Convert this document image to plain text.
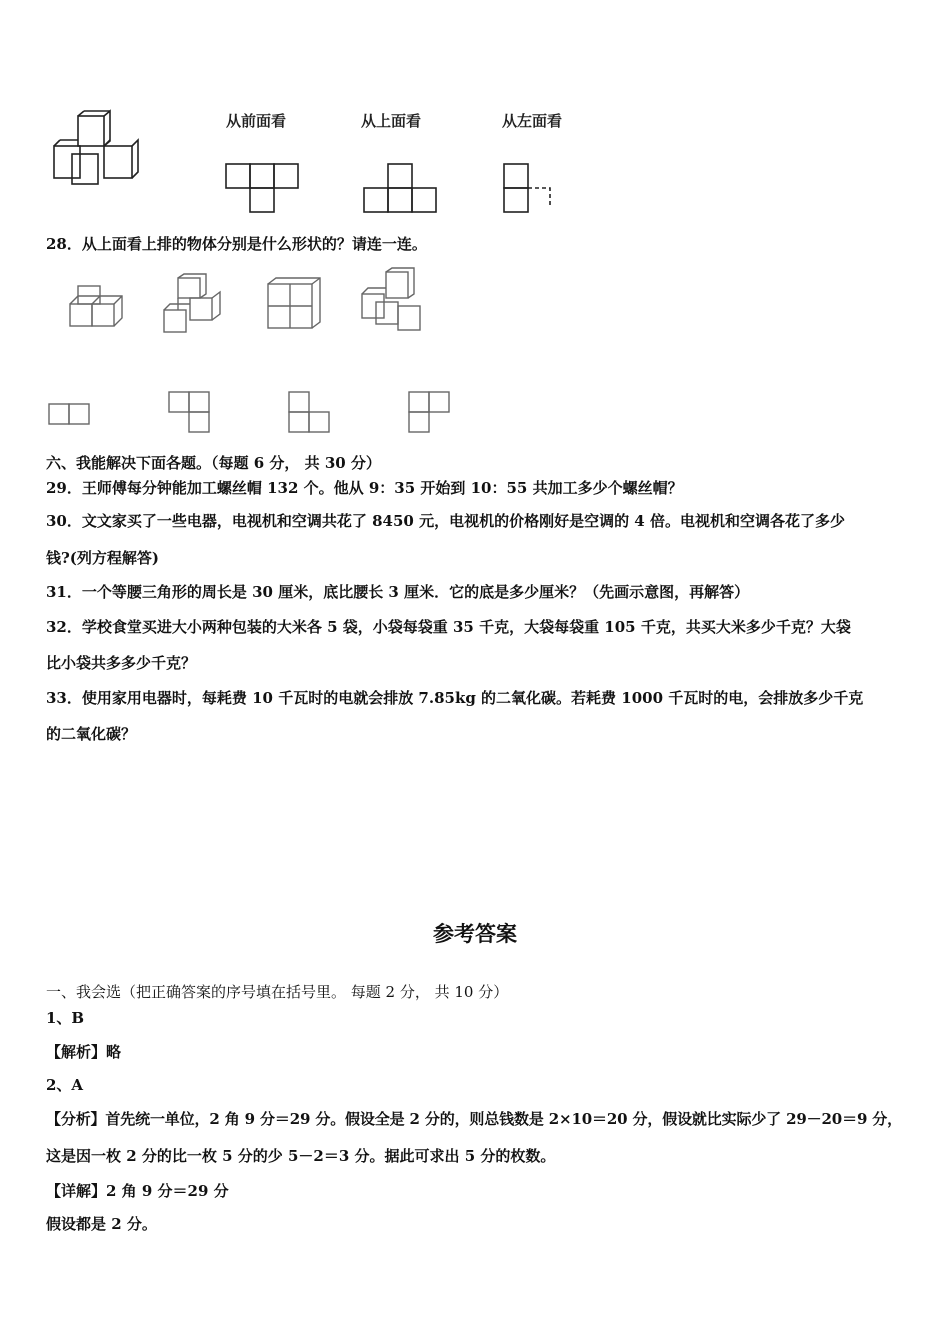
从前面看	从上面看	从左面看
28．从上面看上排的物体分别是什么形状的？请连一连。
六、我能解决下面各题。（每题 6 分， 共 30 分）
29．王师傅每分钟能加工螺丝帽 132 个。他从 9：35 开始到 10：55 共加工多少个螺丝帽？
30．文文家买了一些电器，电视机和空调共花了 8450 元，电视机的价格刚好是空调的 4 倍。电视机和空调各花了多少
钱?(列方程解答)
31．一个等腰三角形的周长是 30 厘米，底比腰长 3 厘米．它的底是多少厘米？（先画示意图，再解答）
32．学校食堂买进大小两种包装的大米各 5 袋，小袋每袋重 35 千克，大袋每袋重 105 千克，共买大米多少千克？大袋
比小袋共多多少千克？
33．使用家用电器时，每耗费 10 千瓦时的电就会排放 7.85kg 的二氧化碳。若耗费 1000 千瓦时的电，会排放多少千克
的二氧化碳？
参考答案
一、我会选（把正确答案的序号填在括号里。 每题 2 分， 共 10 分）
1、B
【解析】略
2、A
【分析】首先统一单位，2 角 9 分＝29 分。假设全是 2 分的，则总钱数是 2×10＝20 分，假设就比实际少了 29－20＝9 分，
这是因一枚 2 分的比一枚 5 分的少 5－2＝3 分。据此可求出 5 分的枚数。
【详解】2 角 9 分＝29 分
假设都是 2 分。
